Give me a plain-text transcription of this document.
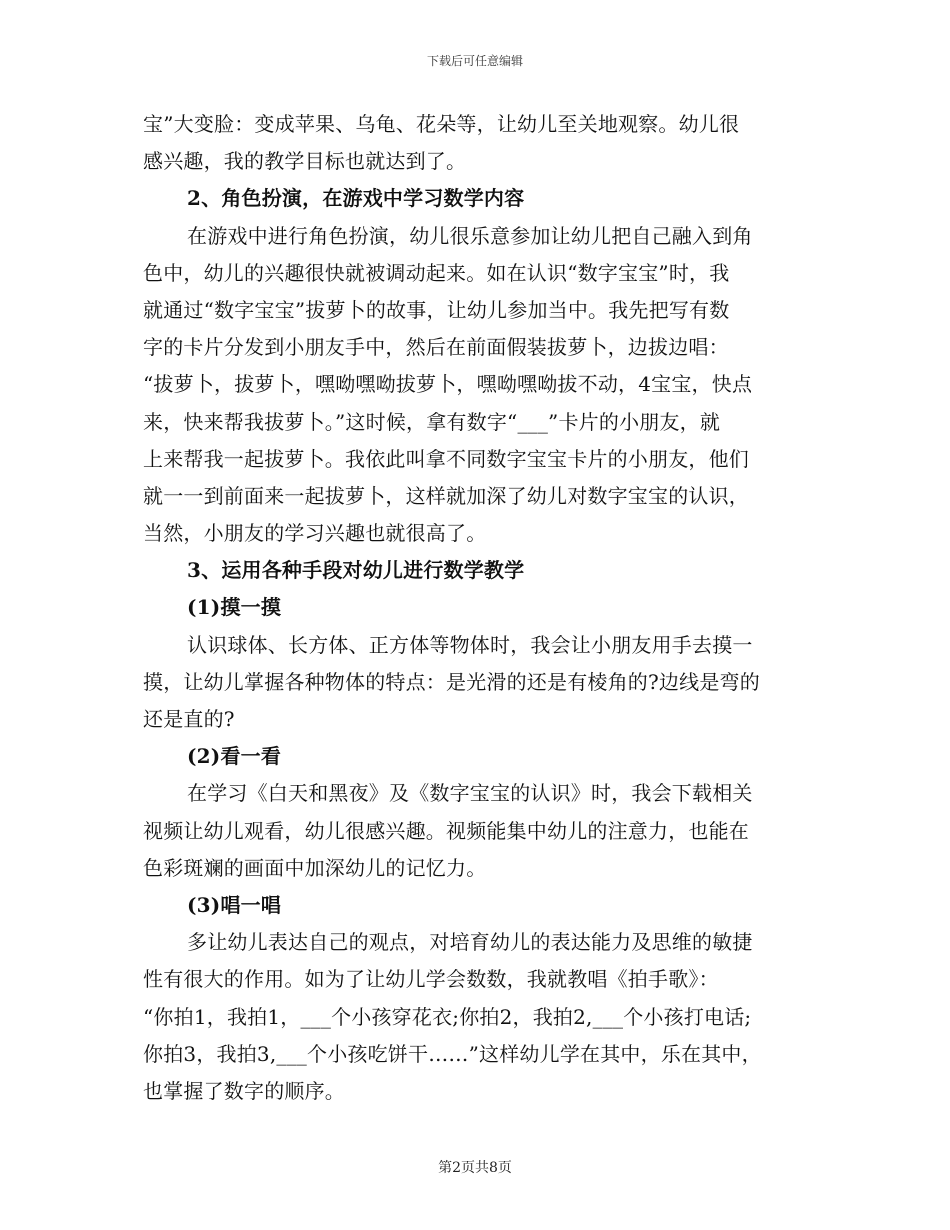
下载后可任意编辑
宝”大变脸：变成苹果、乌龟、花朵等，让幼儿至关地观察。幼儿很
感兴趣，我的教学目标也就达到了。
2、角色扮演，在游戏中学习数学内容
在游戏中进行角色扮演，幼儿很乐意参加让幼儿把自己融入到角
色中，幼儿的兴趣很快就被调动起来。如在认识“数字宝宝”时，我
就通过“数字宝宝”拔萝卜的故事，让幼儿参加当中。我先把写有数
字的卡片分发到小朋友手中，然后在前面假装拔萝卜，边拔边唱：
“拔萝卜，拔萝卜，嘿呦嘿呦拔萝卜，嘿呦嘿呦拔不动，4宝宝，快点
来，快来帮我拔萝卜。”这时候，拿有数字“___”卡片的小朋友，就
上来帮我一起拔萝卜。我依此叫拿不同数字宝宝卡片的小朋友，他们
就一一到前面来一起拔萝卜，这样就加深了幼儿对数字宝宝的认识，
当然，小朋友的学习兴趣也就很高了。
3、运用各种手段对幼儿进行数学教学
(1)摸一摸
认识球体、长方体、正方体等物体时，我会让小朋友用手去摸一
摸，让幼儿掌握各种物体的特点：是光滑的还是有棱角的?边线是弯的
还是直的?
(2)看一看
在学习《白天和黑夜》及《数字宝宝的认识》时，我会下载相关
视频让幼儿观看，幼儿很感兴趣。视频能集中幼儿的注意力，也能在
色彩斑斓的画面中加深幼儿的记忆力。
(3)唱一唱
多让幼儿表达自己的观点，对培育幼儿的表达能力及思维的敏捷
性有很大的作用。如为了让幼儿学会数数，我就教唱《拍手歌》：
“你拍1，我拍1，___个小孩穿花衣;你拍2，我拍2,___个小孩打电话;
你拍3，我拍3,___个小孩吃饼干……”这样幼儿学在其中，乐在其中，
也掌握了数字的顺序。
第2页共8页
